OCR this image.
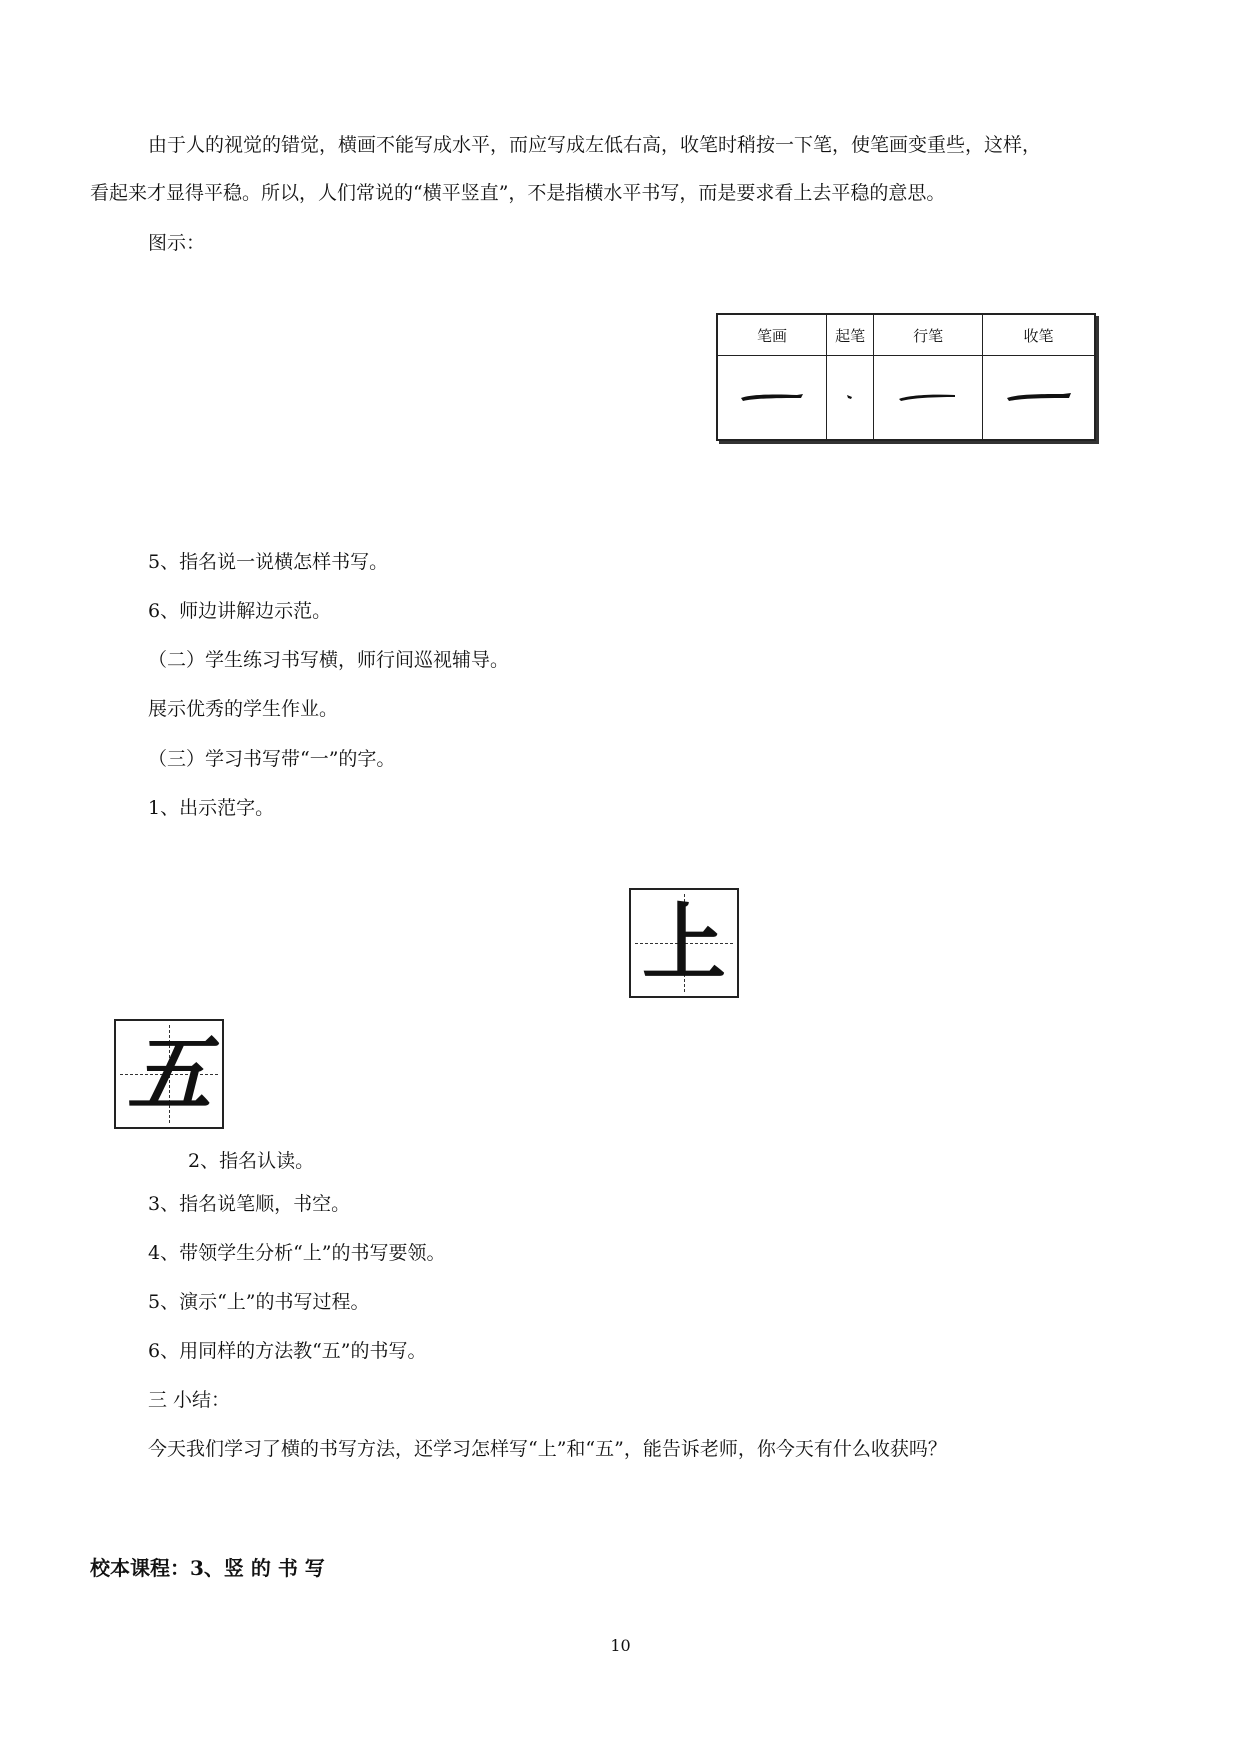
由于人的视觉的错觉，横画不能写成水平，而应写成左低右高，收笔时稍按一下笔，使笔画变重些，这样，
看起来才显得平稳。所以，人们常说的“横平竖直”，不是指横水平书写，而是要求看上去平稳的意思。
图示：
笔画	起笔	行笔	收笔

5、指名说一说横怎样书写。
6、师边讲解边示范。
（二）学生练习书写横，师行间巡视辅导。
展示优秀的学生作业。
（三）学习书写带“一”的字。
1、出示范字。
上
五
2、指名认读。
3、指名说笔顺，书空。
4、带领学生分析“上”的书写要领。
5、演示“上”的书写过程。
6、用同样的方法教“五”的书写。
三 小结：
今天我们学习了横的书写方法，还学习怎样写“上”和“五”，能告诉老师，你今天有什么收获吗？
校本课程：3、竖 的 书 写
10
